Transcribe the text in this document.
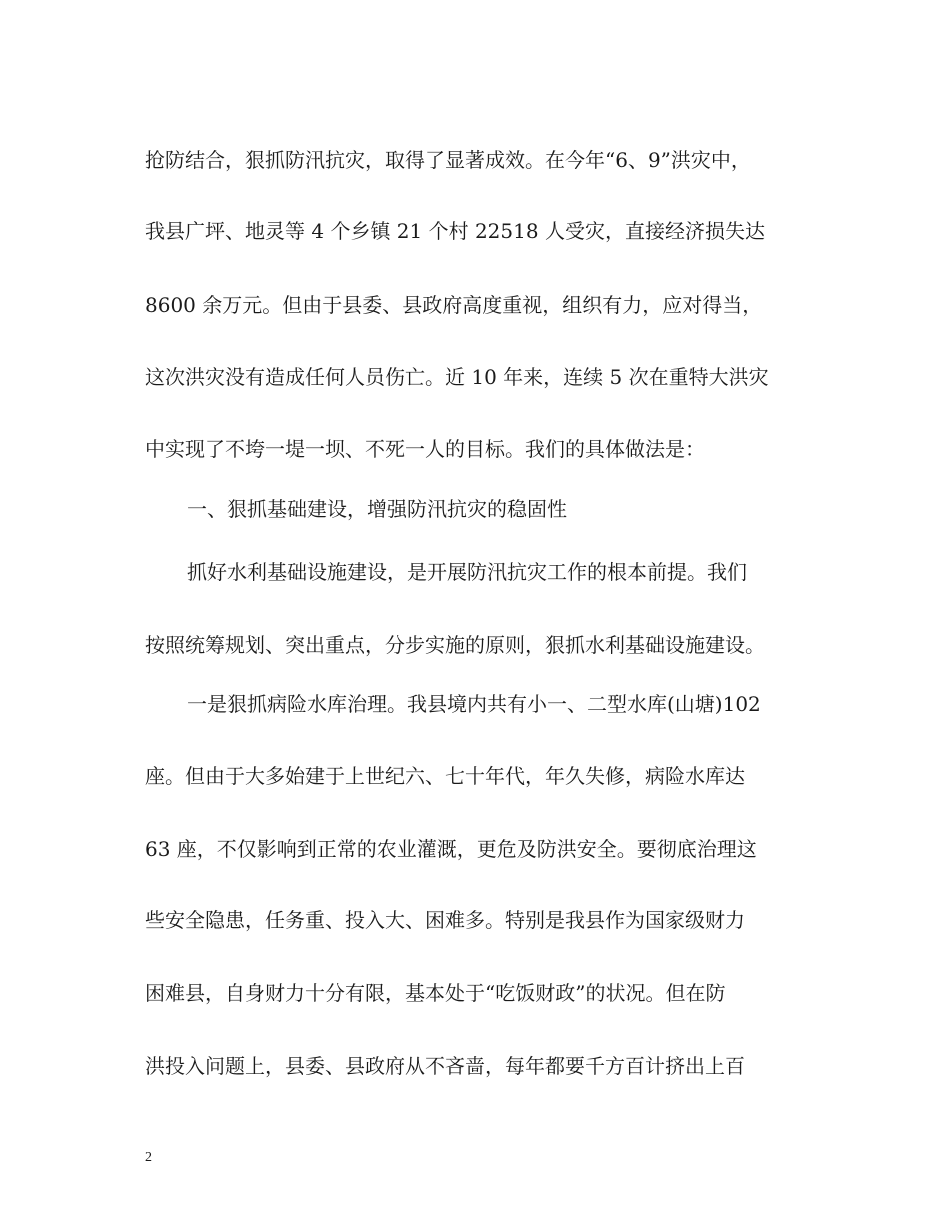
抢防结合，狠抓防汛抗灾，取得了显著成效。在今年“6、9”洪灾中，
我县广坪、地灵等 4 个乡镇 21 个村 22518 人受灾，直接经济损失达
8600 余万元。但由于县委、县政府高度重视，组织有力，应对得当，
这次洪灾没有造成任何人员伤亡。近 10 年来，连续 5 次在重特大洪灾
中实现了不垮一堤一坝、不死一人的目标。我们的具体做法是：
一、狠抓基础建设，增强防汛抗灾的稳固性
抓好水利基础设施建设，是开展防汛抗灾工作的根本前提。我们
按照统筹规划、突出重点，分步实施的原则，狠抓水利基础设施建设。
一是狠抓病险水库治理。我县境内共有小一、二型水库(山塘)102
座。但由于大多始建于上世纪六、七十年代，年久失修，病险水库达
63 座，不仅影响到正常的农业灌溉，更危及防洪安全。要彻底治理这
些安全隐患，任务重、投入大、困难多。特别是我县作为国家级财力
困难县，自身财力十分有限，基本处于“吃饭财政”的状况。但在防
洪投入问题上，县委、县政府从不吝啬，每年都要千方百计挤出上百
2
